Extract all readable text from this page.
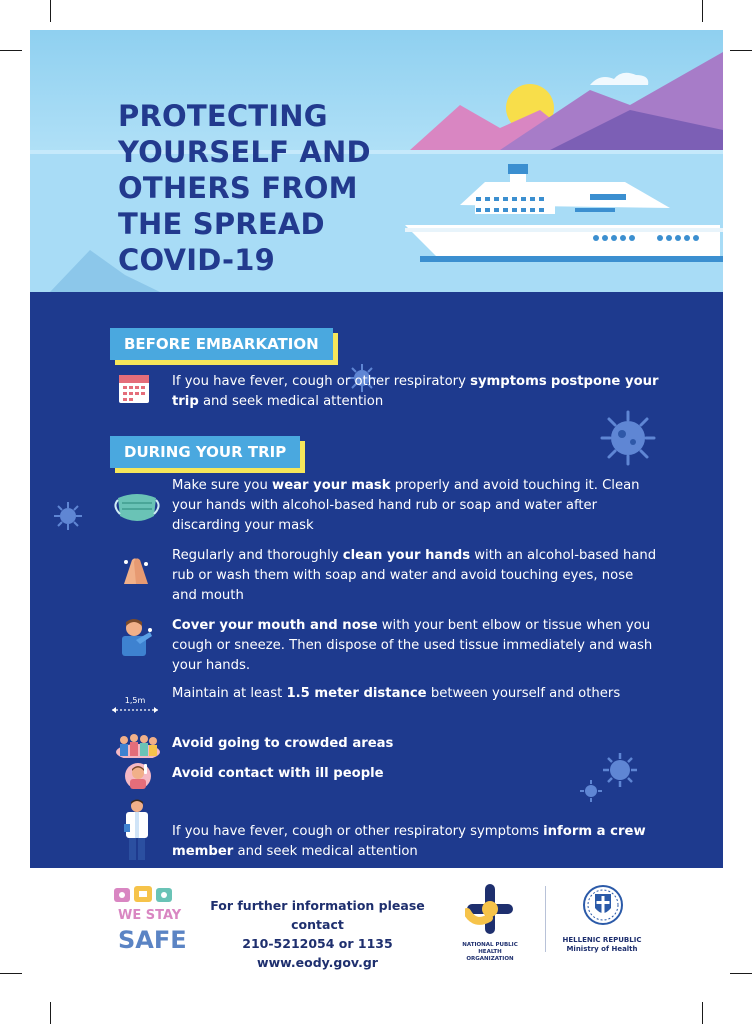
PROTECTING
YOURSELF AND
OTHERS FROM
THE SPREAD
COVID-19
BEFORE EMBARKATION
If you have fever, cough or other respiratory symptoms postpone your trip and seek medical attention
DURING YOUR TRIP
Make sure you wear your mask properly and avoid touching it. Clean your hands with alcohol-based hand rub or soap and water after discarding your mask
Regularly and thoroughly clean your hands with an alcohol-based hand rub or wash them with soap and water and avoid touching eyes, nose and mouth
Cover your mouth and nose with your bent elbow or tissue when you cough or sneeze. Then dispose of the used tissue immediately and wash your hands.
1,5m Maintain at least 1.5 meter distance between yourself and others
Avoid going to crowded areas
Avoid contact with ill people
If you have fever, cough or other respiratory symptoms inform a crew member and seek medical attention
WE STAY
SAFE
For further information please contact
210-5212054 or 1135
www.eody.gov.gr
NATIONAL PUBLIC
HEALTH ORGANIZATION
HELLENIC REPUBLIC
Ministry of Health
